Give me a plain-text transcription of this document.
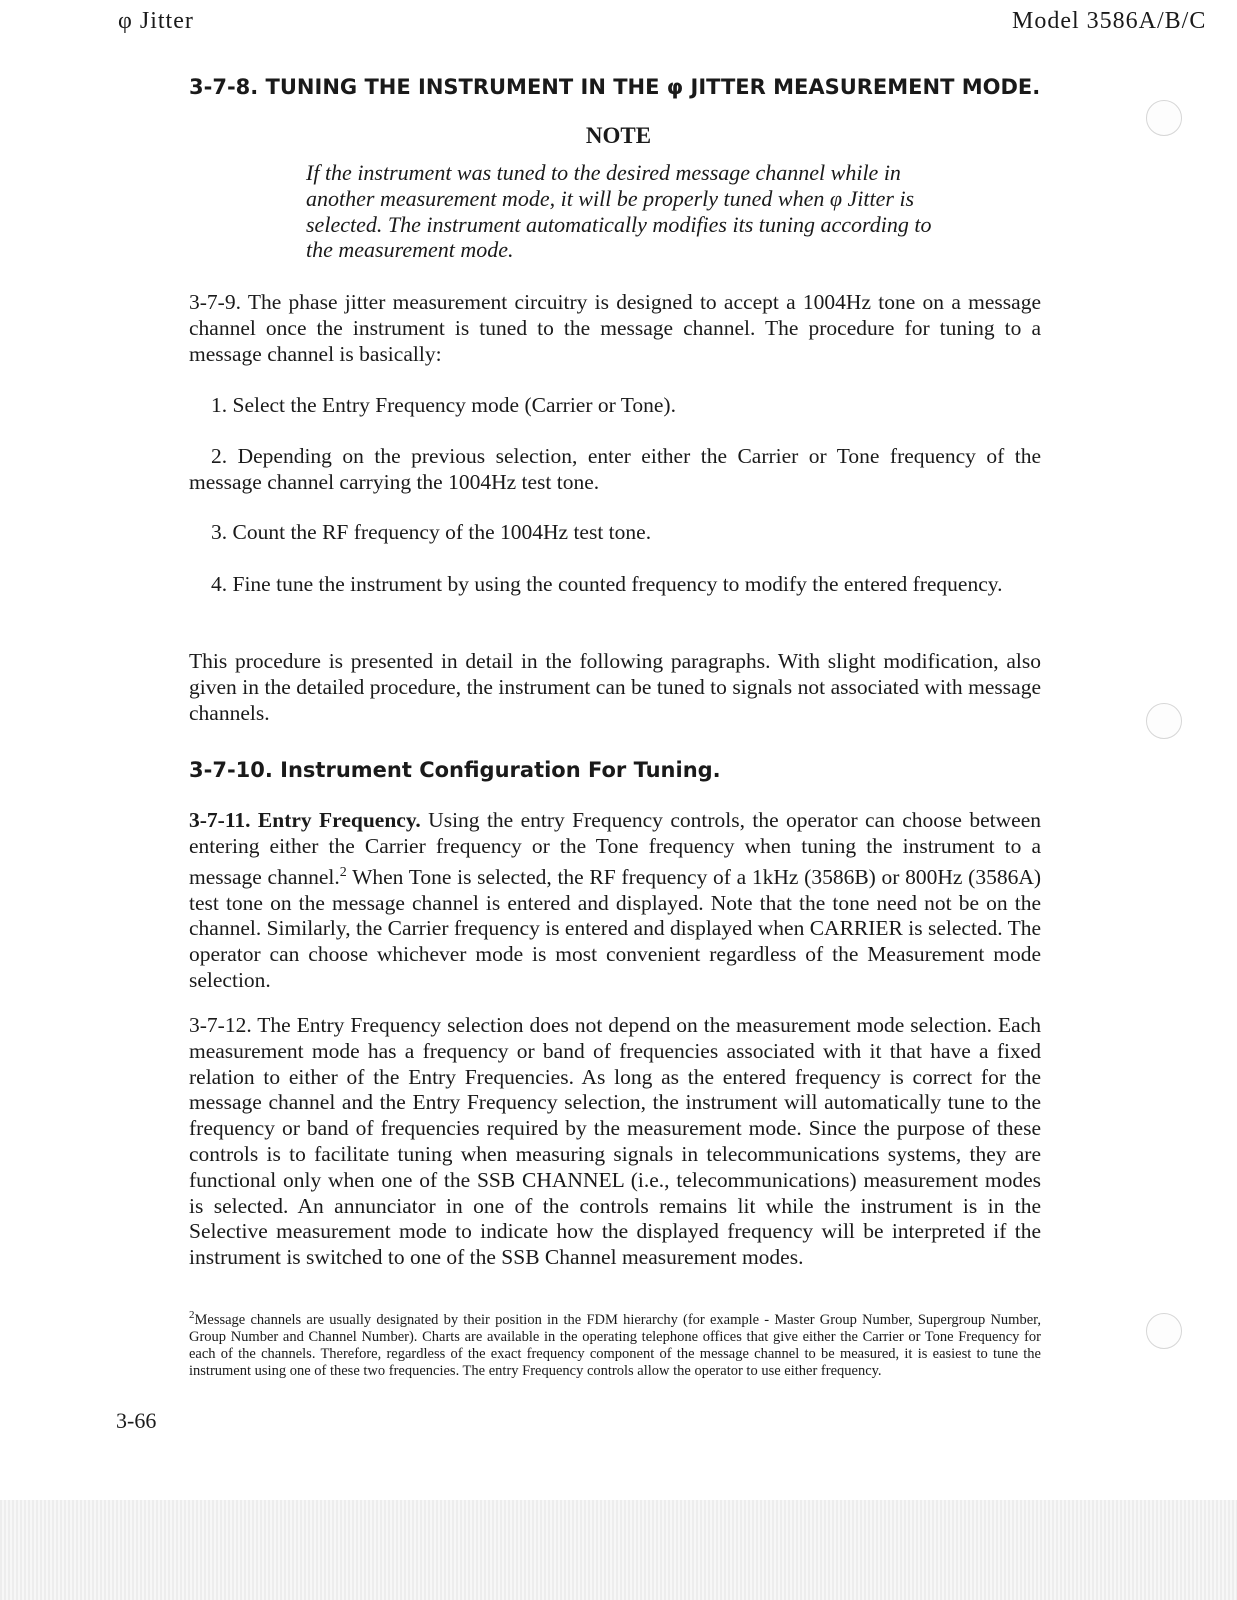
φ Jitter	Model 3586A/B/C
3-7-8. TUNING THE INSTRUMENT IN THE φ JITTER MEASUREMENT MODE.

NOTE

If the instrument was tuned to the desired message channel while in another measurement mode, it will be properly tuned when φ Jitter is selected. The instrument automatically modifies its tuning according to the measurement mode.

3-7-9. The phase jitter measurement circuitry is designed to accept a 1004Hz tone on a message channel once the instrument is tuned to the message channel. The procedure for tuning to a message channel is basically:

1. Select the Entry Frequency mode (Carrier or Tone).

2. Depending on the previous selection, enter either the Carrier or Tone frequency of the message channel carrying the 1004Hz test tone.

3. Count the RF frequency of the 1004Hz test tone.

4. Fine tune the instrument by using the counted frequency to modify the entered frequency.

This procedure is presented in detail in the following paragraphs. With slight modification, also given in the detailed procedure, the instrument can be tuned to signals not associated with message channels.

3-7-10. Instrument Configuration For Tuning.

3-7-11. Entry Frequency. Using the entry Frequency controls, the operator can choose between entering either the Carrier frequency or the Tone frequency when tuning the instrument to a message channel.$^2$ When Tone is selected, the RF frequency of a 1kHz (3586B) or 800Hz (3586A) test tone on the message channel is entered and displayed. Note that the tone need not be on the channel. Similarly, the Carrier frequency is entered and displayed when CARRIER is selected. The operator can choose whichever mode is most convenient regardless of the Measurement mode selection.

3-7-12. The Entry Frequency selection does not depend on the measurement mode selection. Each measurement mode has a frequency or band of frequencies associated with it that have a fixed relation to either of the Entry Frequencies. As long as the entered frequency is correct for the message channel and the Entry Frequency selection, the instrument will automatically tune to the frequency or band of frequencies required by the measurement mode. Since the purpose of these controls is to facilitate tuning when measuring signals in telecommunications systems, they are functional only when one of the SSB CHANNEL (i.e., telecommunications) measurement modes is selected. An annunciator in one of the controls remains lit while the instrument is in the Selective measurement mode to indicate how the displayed frequency will be interpreted if the instrument is switched to one of the SSB Channel measurement modes.

$^2$Message channels are usually designated by their position in the FDM hierarchy (for example - Master Group Number, Supergroup Number, Group Number and Channel Number). Charts are available in the operating telephone offices that give either the Carrier or Tone Frequency for each of the channels. Therefore, regardless of the exact frequency component of the message channel to be measured, it is easiest to tune the instrument using one of these two frequencies. The entry Frequency controls allow the operator to use either frequency.

3-66
